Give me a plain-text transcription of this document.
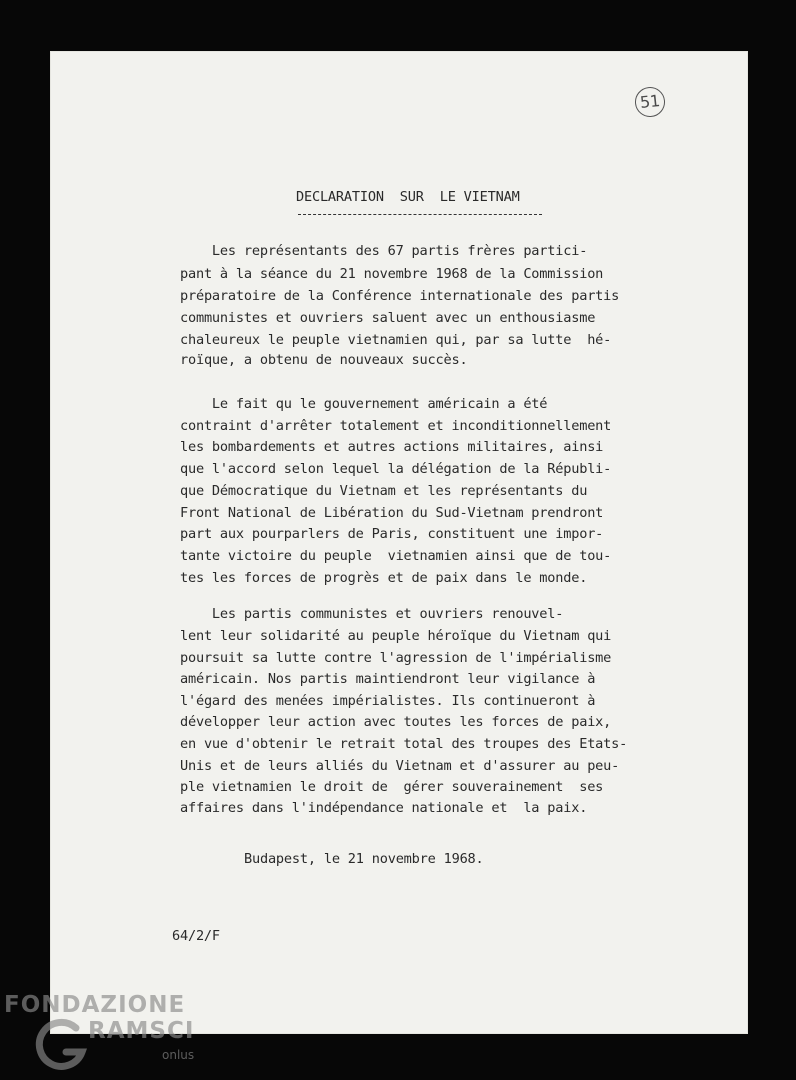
51
DECLARATION  SUR  LE VIETNAM
Les représentants des 67 partis frères partici-
pant à la séance du 21 novembre 1968 de la Commission
préparatoire de la Conférence internationale des partis
communistes et ouvriers saluent avec un enthousiasme
chaleureux le peuple vietnamien qui, par sa lutte  hé-
roïque, a obtenu de nouveaux succès.
Le fait qu le gouvernement américain a été
contraint d'arrêter totalement et inconditionnellement
les bombardements et autres actions militaires, ainsi
que l'accord selon lequel la délégation de la Républi-
que Démocratique du Vietnam et les représentants du
Front National de Libération du Sud-Vietnam prendront
part aux pourparlers de Paris, constituent une impor-
tante victoire du peuple  vietnamien ainsi que de tou-
tes les forces de progrès et de paix dans le monde.
Les partis communistes et ouvriers renouvel-
lent leur solidarité au peuple héroïque du Vietnam qui
poursuit sa lutte contre l'agression de l'impérialisme
américain. Nos partis maintiendront leur vigilance à
l'égard des menées impérialistes. Ils continueront à
développer leur action avec toutes les forces de paix,
en vue d'obtenir le retrait total des troupes des Etats-
Unis et de leurs alliés du Vietnam et d'assurer au peu-
ple vietnamien le droit de  gérer souverainement  ses
affaires dans l'indépendance nationale et  la paix.
Budapest, le 21 novembre 1968.
64/2/F
FONDAZIONE
RAMSCI
onlus
